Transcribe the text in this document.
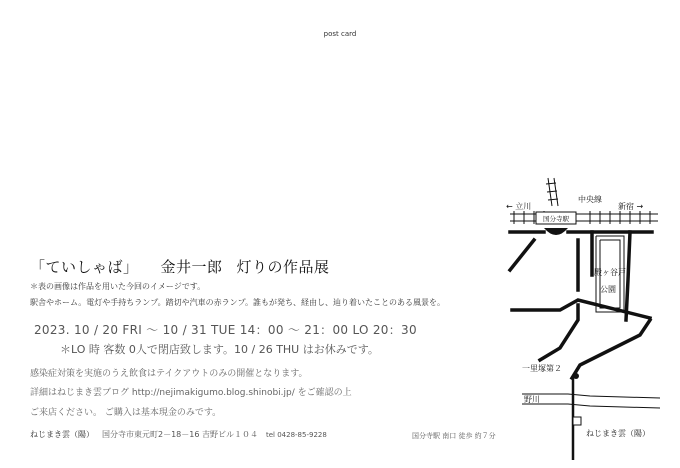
post card
「ていしゃば」 金井一郎 灯りの作品展
＊表の画像は作品を用いた今回のイメージです。
駅舎やホーム。電灯や手持ちランプ。踏切や汽車の赤ランプ。誰もが発ち、経由し、辿り着いたことのある風景を。
2023. 10 / 20 FRI ～ 10 / 31 TUE 14：00 ～ 21：00 LO 20：30
＊LO 時 客数 0人で閉店致します。10 / 26 THU はお休みです。
感染症対策を実施のうえ飲食はテイクアウトのみの開催となります。
詳細はねじまき雲ブログ http://nejimakigumo.blog.shinobi.jp/ をご確認の上
ご来店ください。 ご購入は基本現金のみです。
ねじまき雲（陽） 国分寺市東元町2－18－16 吉野ビル１０４ tel 0428-85-9228	国分寺駅 南口 徒歩 約７分
国分寺駅
← 立川
中央線
新宿 →
殿ヶ谷戸
公園
一里塚第２
野川
ねじまき雲（陽）
